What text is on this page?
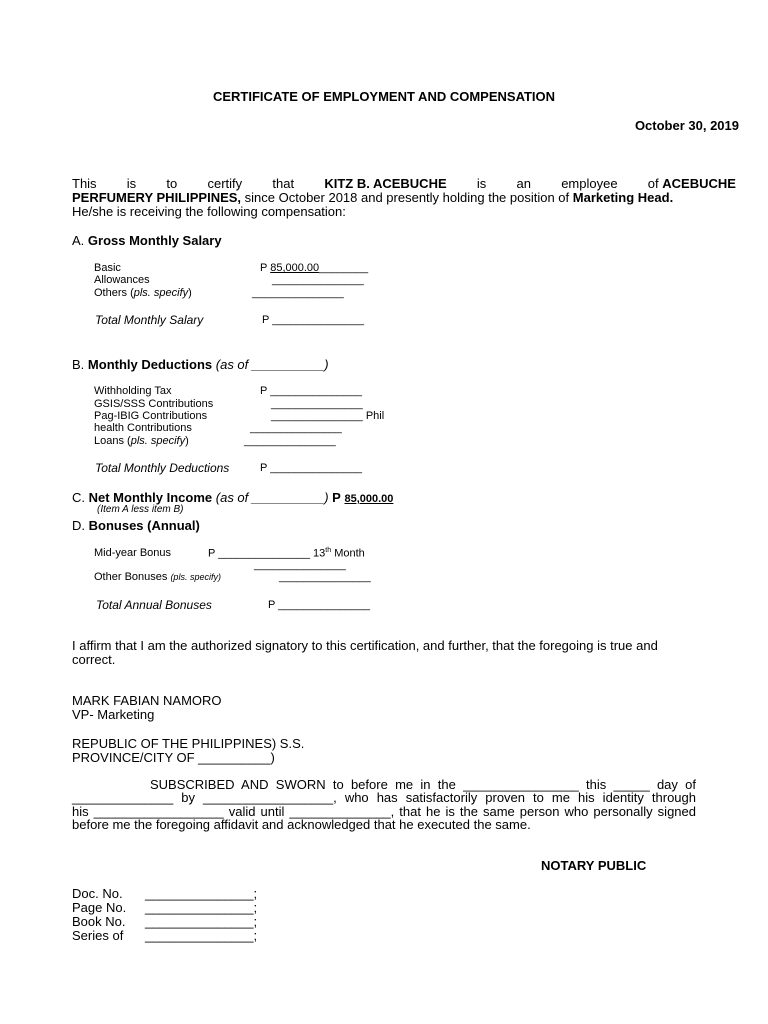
CERTIFICATE OF EMPLOYMENT AND COMPENSATION
October 30, 2019
This is to certify that KITZ B. ACEBUCHE is an employee of ACEBUCHE
PERFUMERY PHILIPPINES, since October 2018 and presently holding the position of Marketing Head.
He/she is receiving the following compensation:
A. Gross Monthly Salary
Basic	P 85,000.00________
Allowances	_______________
Others (pls. specify)	_______________
Total Monthly Salary	P _______________
B. Monthly Deductions (as of __________)
Withholding Tax	P _______________
GSIS/SSS Contributions	_______________
Pag-IBIG Contributions	_______________ Phil
health Contributions	_______________
Loans (pls. specify)	_______________
Total Monthly Deductions	P _______________
C. Net Monthly Income (as of __________) P 85,000.00
(Item A less item B)
D. Bonuses (Annual)
Mid-year Bonus	P _______________ 13th Month
_______________
Other Bonuses (pls. specify)	_______________
Total Annual Bonuses	P _______________
I affirm that I am the authorized signatory to this certification, and further, that the foregoing is true and
correct.
MARK FABIAN NAMORO
VP- Marketing
REPUBLIC OF THE PHILIPPINES) S.S.
PROVINCE/CITY OF __________)
SUBSCRIBED AND SWORN to before me in the ________________ this _____ day of
______________ by __________________, who has satisfactorily proven to me his identity through
his __________________ valid until ______________, that he is the same person who personally signed
before me the foregoing affidavit and acknowledged that he executed the same.
NOTARY PUBLIC
Doc. No. _______________;
Page No. _______________;
Book No. _______________;
Series of _______________;
